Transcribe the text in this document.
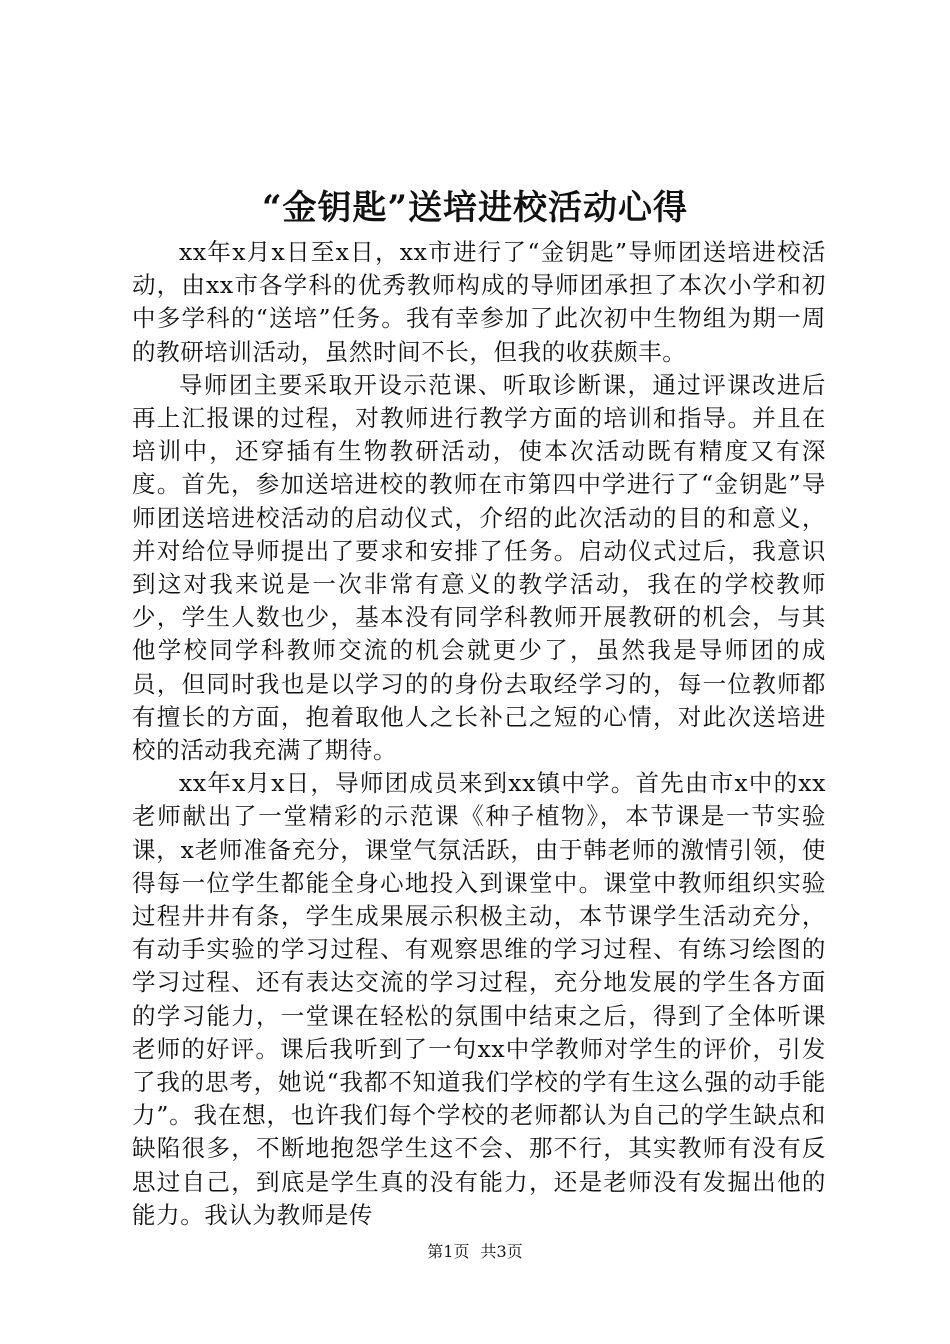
“金钥匙”送培进校活动心得

xx年x月x日至x日，xx市进行了“金钥匙”导师团送培进校活动，由xx市各学科的优秀教师构成的导师团承担了本次小学和初中多学科的“送培”任务。我有幸参加了此次初中生物组为期一周的教研培训活动，虽然时间不长，但我的收获颇丰。

导师团主要采取开设示范课、听取诊断课，通过评课改进后再上汇报课的过程，对教师进行教学方面的培训和指导。并且在培训中，还穿插有生物教研活动，使本次活动既有精度又有深度。首先，参加送培进校的教师在市第四中学进行了“金钥匙”导师团送培进校活动的启动仪式，介绍的此次活动的目的和意义，并对给位导师提出了要求和安排了任务。启动仪式过后，我意识到这对我来说是一次非常有意义的教学活动，我在的学校教师少，学生人数也少，基本没有同学科教师开展教研的机会，与其他学校同学科教师交流的机会就更少了，虽然我是导师团的成员，但同时我也是以学习的的身份去取经学习的，每一位教师都有擅长的方面，抱着取他人之长补己之短的心情，对此次送培进校的活动我充满了期待。

xx年x月x日，导师团成员来到xx镇中学。首先由市x中的xx老师献出了一堂精彩的示范课《种子植物》，本节课是一节实验课，x老师准备充分，课堂气氛活跃，由于韩老师的激情引领，使得每一位学生都能全身心地投入到课堂中。课堂中教师组织实验过程井井有条，学生成果展示积极主动，本节课学生活动充分，有动手实验的学习过程、有观察思维的学习过程、有练习绘图的学习过程、还有表达交流的学习过程，充分地发展的学生各方面的学习能力，一堂课在轻松的氛围中结束之后，得到了全体听课老师的好评。课后我听到了一句xx中学教师对学生的评价，引发了我的思考，她说“我都不知道我们学校的学有生这么强的动手能力”。我在想，也许我们每个学校的老师都认为自己的学生缺点和缺陷很多，不断地抱怨学生这不会、那不行，其实教师有没有反思过自己，到底是学生真的没有能力，还是老师没有发掘出他的能力。我认为教师是传

第1页 共3页
